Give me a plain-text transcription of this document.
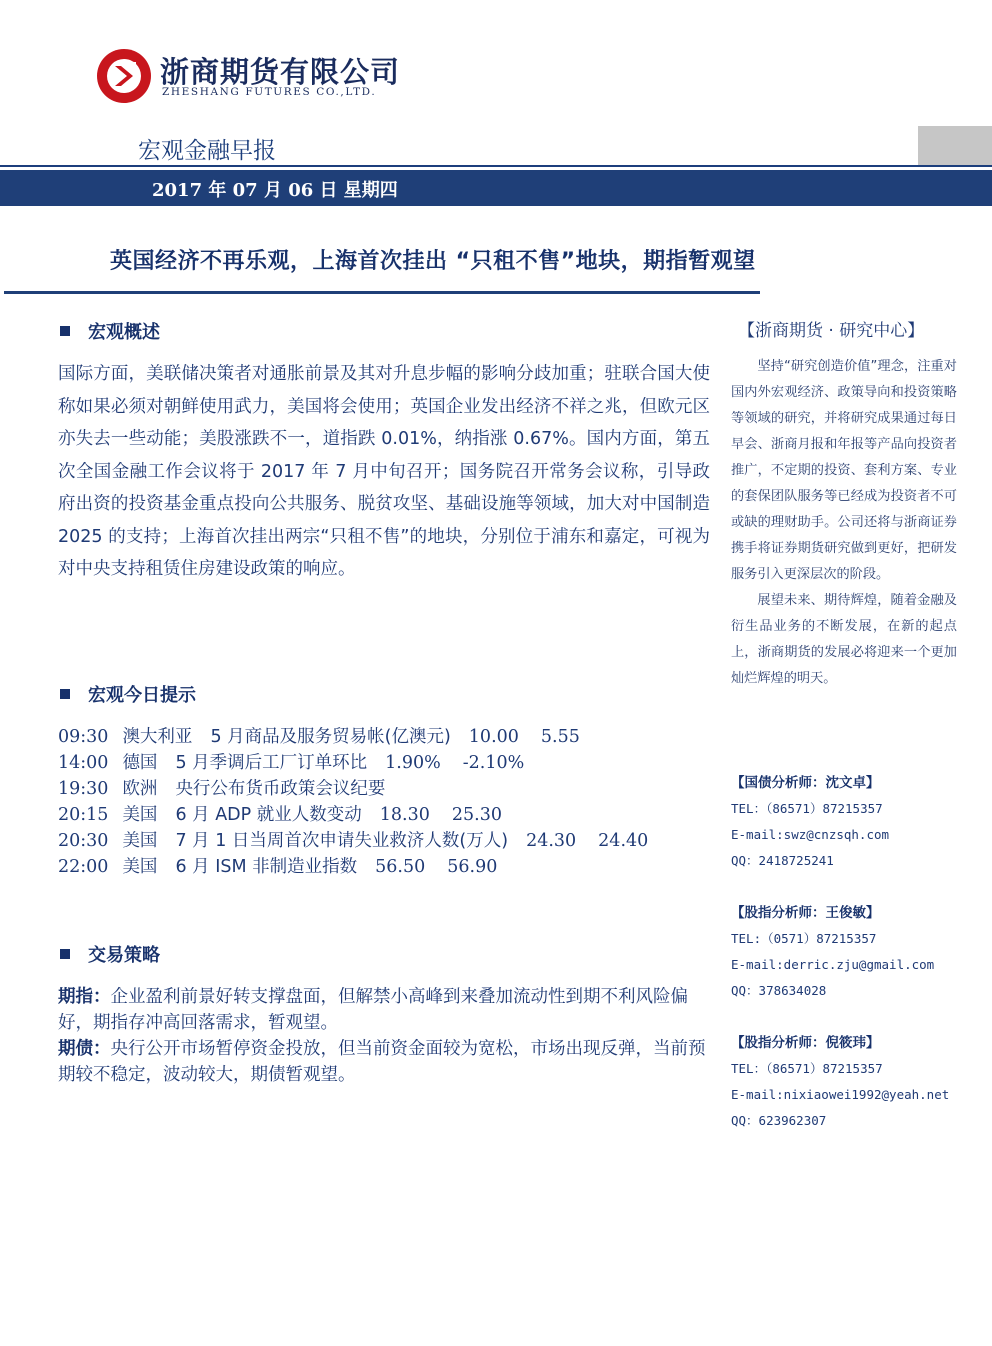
浙商期货有限公司
ZHESHANG FUTURES CO.,LTD.
宏观金融早报
2017 年 07 月 06 日 星期四
英国经济不再乐观，上海首次挂出 “只租不售”地块，期指暂观望
宏观概述
国际方面，美联储决策者对通胀前景及其对升息步幅的影响分歧加重；驻联合国大使称如果必须对朝鲜使用武力，美国将会使用；英国企业发出经济不祥之兆，但欧元区亦失去一些动能；美股涨跌不一，道指跌 0.01%，纳指涨 0.67%。国内方面，第五次全国金融工作会议将于 2017 年 7 月中旬召开；国务院召开常务会议称，引导政府出资的投资基金重点投向公共服务、脱贫攻坚、基础设施等领域，加大对中国制造 2025 的支持；上海首次挂出两宗“只租不售”的地块，分别位于浦东和嘉定，可视为对中央支持租赁住房建设政策的响应。
宏观今日提示
09:30 澳大利亚 5 月商品及服务贸易帐(亿澳元) 10.00 5.55
14:00 德国 5 月季调后工厂订单环比 1.90% -2.10%
19:30 欧洲 央行公布货币政策会议纪要
20:15 美国 6 月 ADP 就业人数变动 18.30 25.30
20:30 美国 7 月 1 日当周首次申请失业救济人数(万人) 24.30 24.40
22:00 美国 6 月 ISM 非制造业指数 56.50 56.90
交易策略

期指：企业盈利前景好转支撑盘面，但解禁小高峰到来叠加流动性到期不利风险偏好，期指存冲高回落需求，暂观望。

期债：央行公开市场暂停资金投放，但当前资金面较为宽松，市场出现反弹，当前预期较不稳定，波动较大，期债暂观望。

【浙商期货 · 研究中心】

坚持“研究创造价值”理念，注重对国内外宏观经济、政策导向和投资策略等领域的研究，并将研究成果通过每日早会、浙商月报和年报等产品向投资者推广，不定期的投资、套利方案、专业的套保团队服务等已经成为投资者不可或缺的理财助手。公司还将与浙商证券携手将证券期货研究做到更好，把研发服务引入更深层次的阶段。

展望未来、期待辉煌，随着金融及衍生品业务的不断发展，在新的起点上，浙商期货的发展必将迎来一个更加灿烂辉煌的明天。

【国债分析师：沈文卓】
TEL：（86571）87215357
E-mail:swz@cnzsqh.com
QQ：2418725241
【股指分析师：王俊敏】
TEL:（0571）87215357
E-mail:derric.zju@gmail.com
QQ：378634028
【股指分析师：倪筱玮】
TEL：（86571）87215357
E-mail:nixiaowei1992@yeah.net
QQ：623962307
